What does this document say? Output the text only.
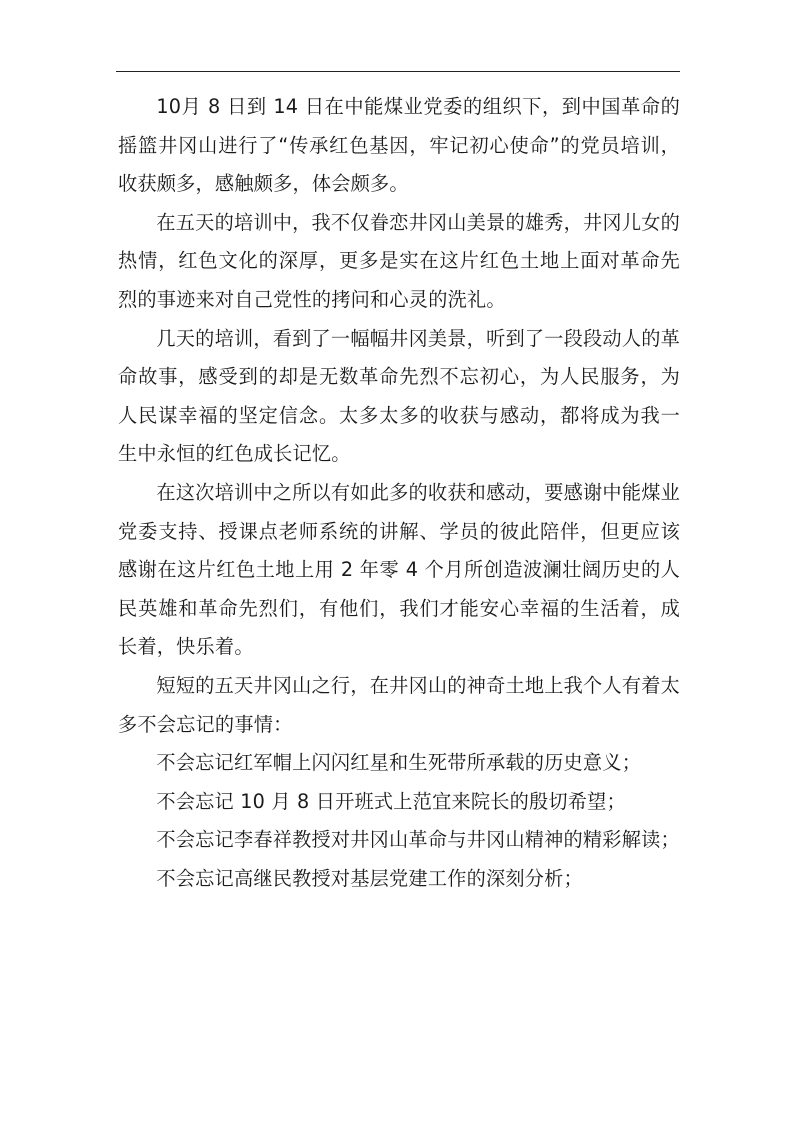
10月 8 日到 14 日在中能煤业党委的组织下，到中国革命的摇篮井冈山进行了“传承红色基因，牢记初心使命”的党员培训，收获颇多，感触颇多，体会颇多。

在五天的培训中，我不仅眷恋井冈山美景的雄秀，井冈儿女的热情，红色文化的深厚，更多是实在这片红色土地上面对革命先烈的事迹来对自己党性的拷问和心灵的洗礼。

几天的培训，看到了一幅幅井冈美景，听到了一段段动人的革命故事，感受到的却是无数革命先烈不忘初心，为人民服务，为人民谋幸福的坚定信念。太多太多的收获与感动，都将成为我一生中永恒的红色成长记忆。

在这次培训中之所以有如此多的收获和感动，要感谢中能煤业党委支持、授课点老师系统的讲解、学员的彼此陪伴，但更应该感谢在这片红色土地上用 2 年零 4 个月所创造波澜壮阔历史的人民英雄和革命先烈们，有他们，我们才能安心幸福的生活着，成长着，快乐着。

短短的五天井冈山之行，在井冈山的神奇土地上我个人有着太多不会忘记的事情：

不会忘记红军帽上闪闪红星和生死带所承载的历史意义；

不会忘记 10 月 8 日开班式上范宜来院长的殷切希望；

不会忘记李春祥教授对井冈山革命与井冈山精神的精彩解读；

不会忘记高继民教授对基层党建工作的深刻分析；
